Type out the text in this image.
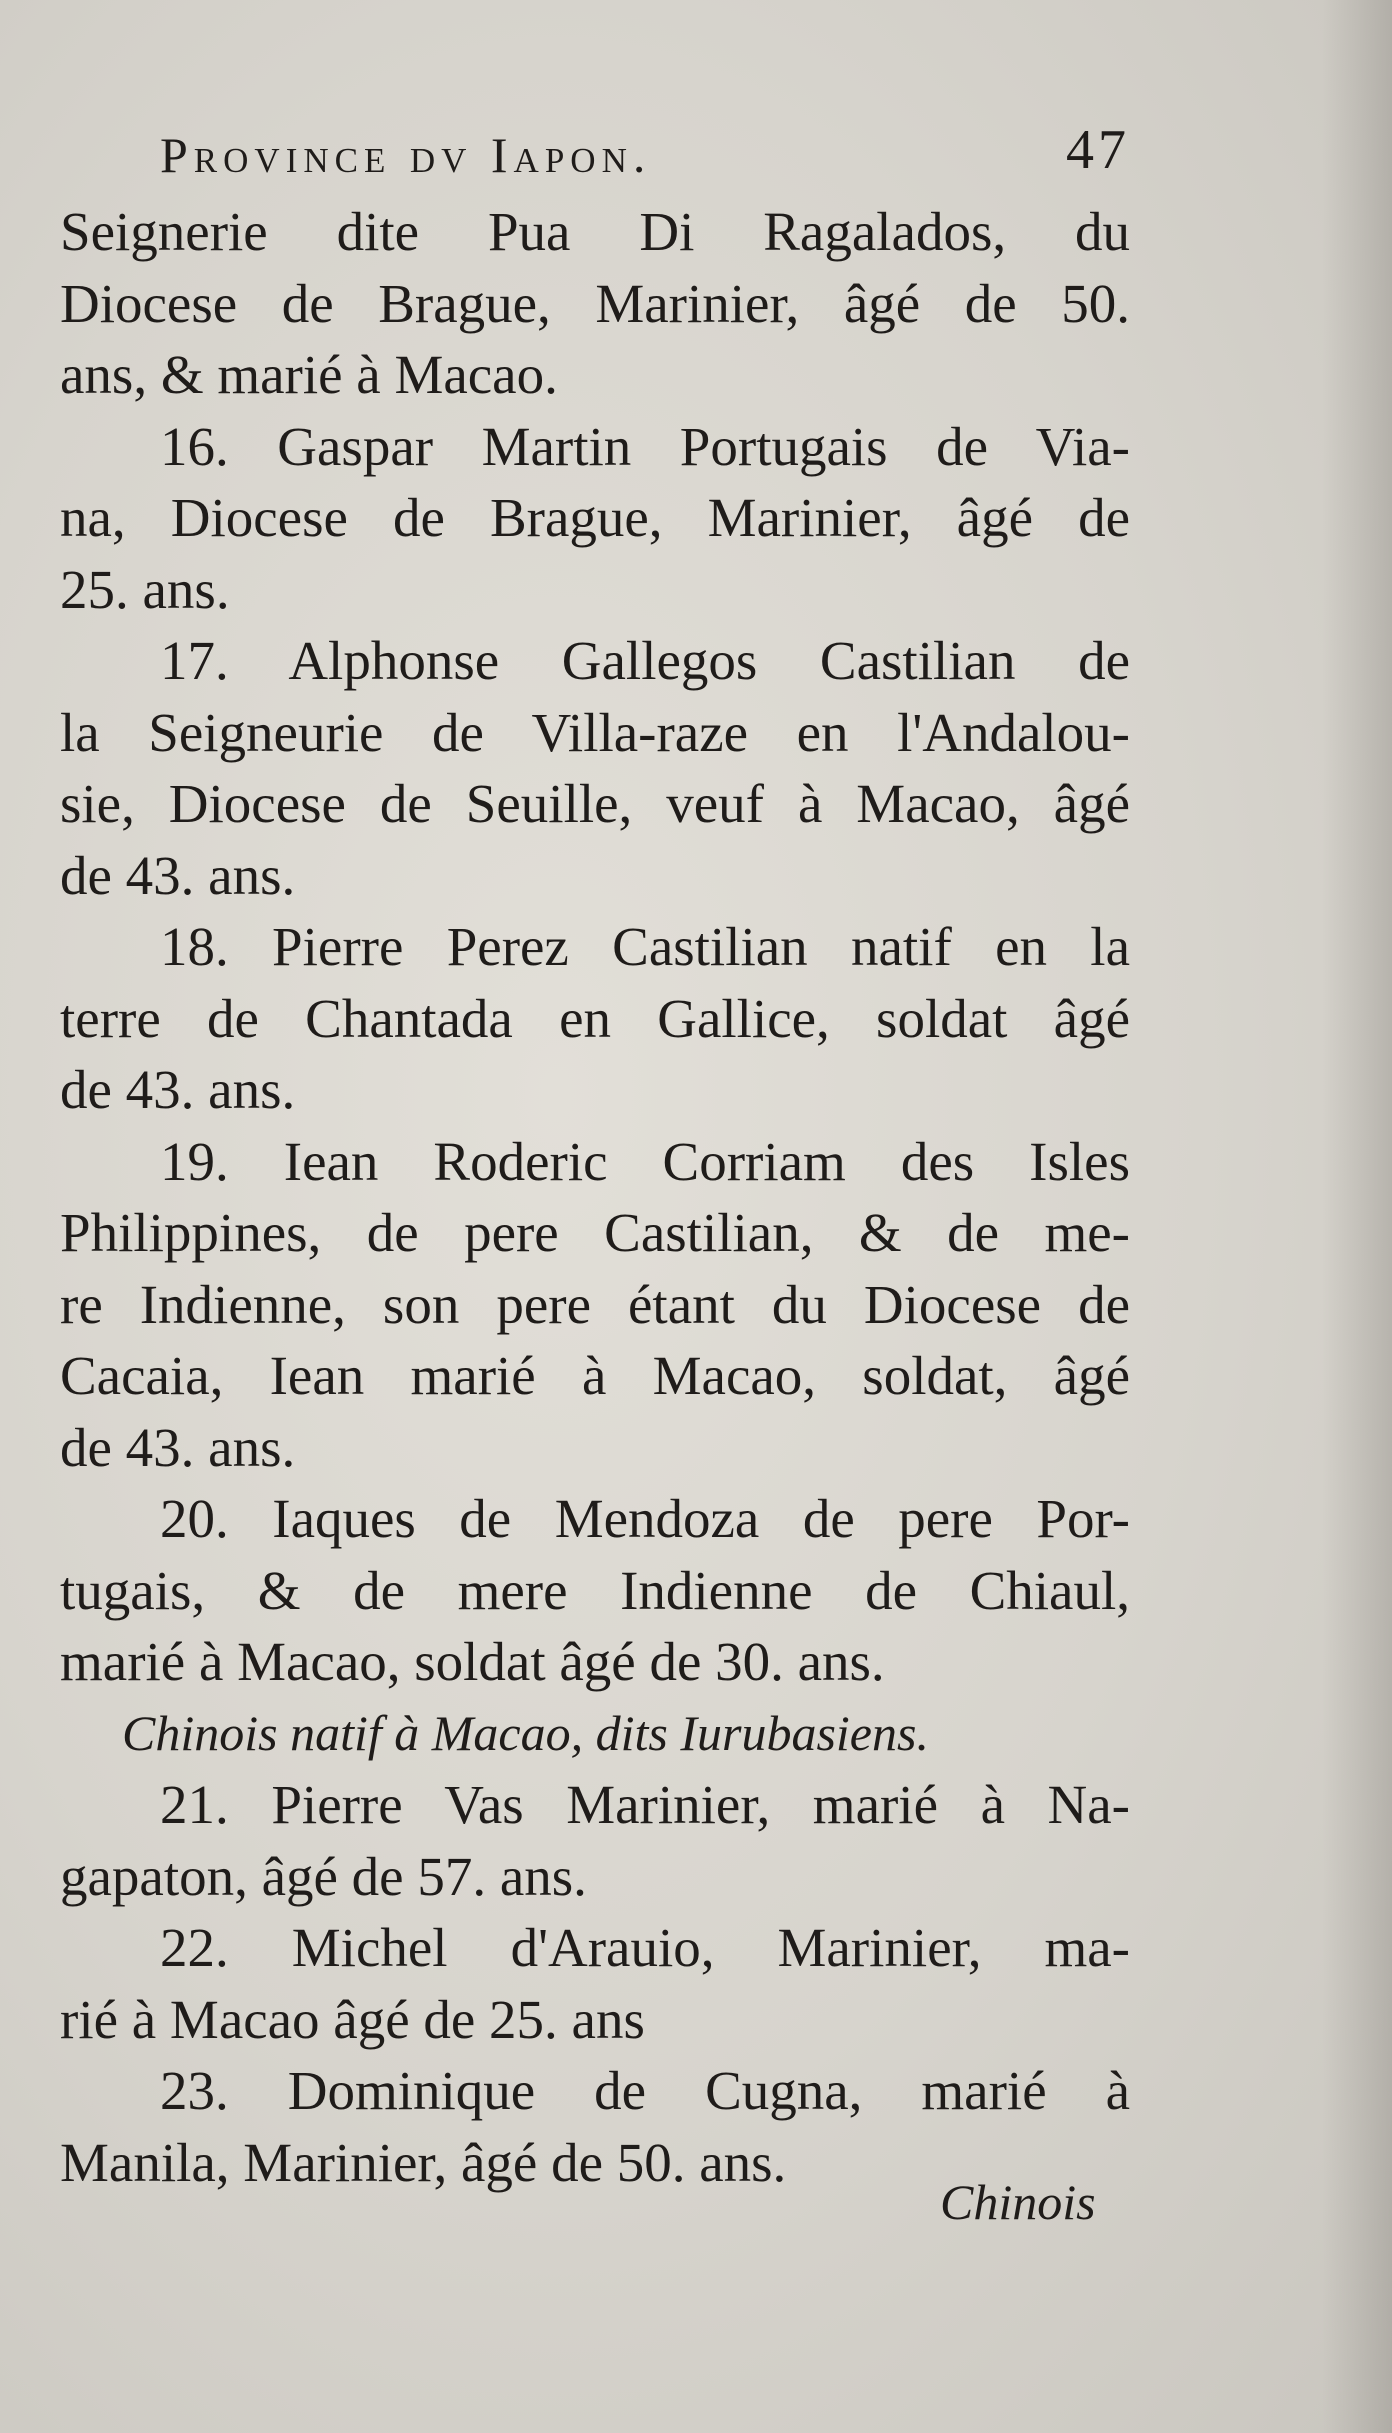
Province dv Iapon.	47
Seignerie dite Pua Di Ragalados, du
Diocese de Brague, Marinier, âgé de 50.
ans, & marié à Macao.
16. Gaspar Martin Portugais de Via-
na, Diocese de Brague, Marinier, âgé de
25. ans.
17. Alphonse Gallegos Castilian de
la Seigneurie de Villa-raze en l'Andalou-
sie, Diocese de Seuille, veuf à Macao, âgé
de 43. ans.
18. Pierre Perez Castilian natif en la
terre de Chantada en Gallice, soldat âgé
de 43. ans.
19. Iean Roderic Corriam des Isles
Philippines, de pere Castilian, & de me-
re Indienne, son pere étant du Diocese de
Cacaia, Iean marié à Macao, soldat, âgé
de 43. ans.
20. Iaques de Mendoza de pere Por-
tugais, & de mere Indienne de Chiaul,
marié à Macao, soldat âgé de 30. ans.
Chinois natif à Macao, dits Iurubasiens.
21. Pierre Vas Marinier, marié à Na-
gapaton, âgé de 57. ans.
22. Michel d'Arauio, Marinier, ma-
rié à Macao âgé de 25. ans
23. Dominique de Cugna, marié à
Manila, Marinier, âgé de 50. ans.
Chinois
